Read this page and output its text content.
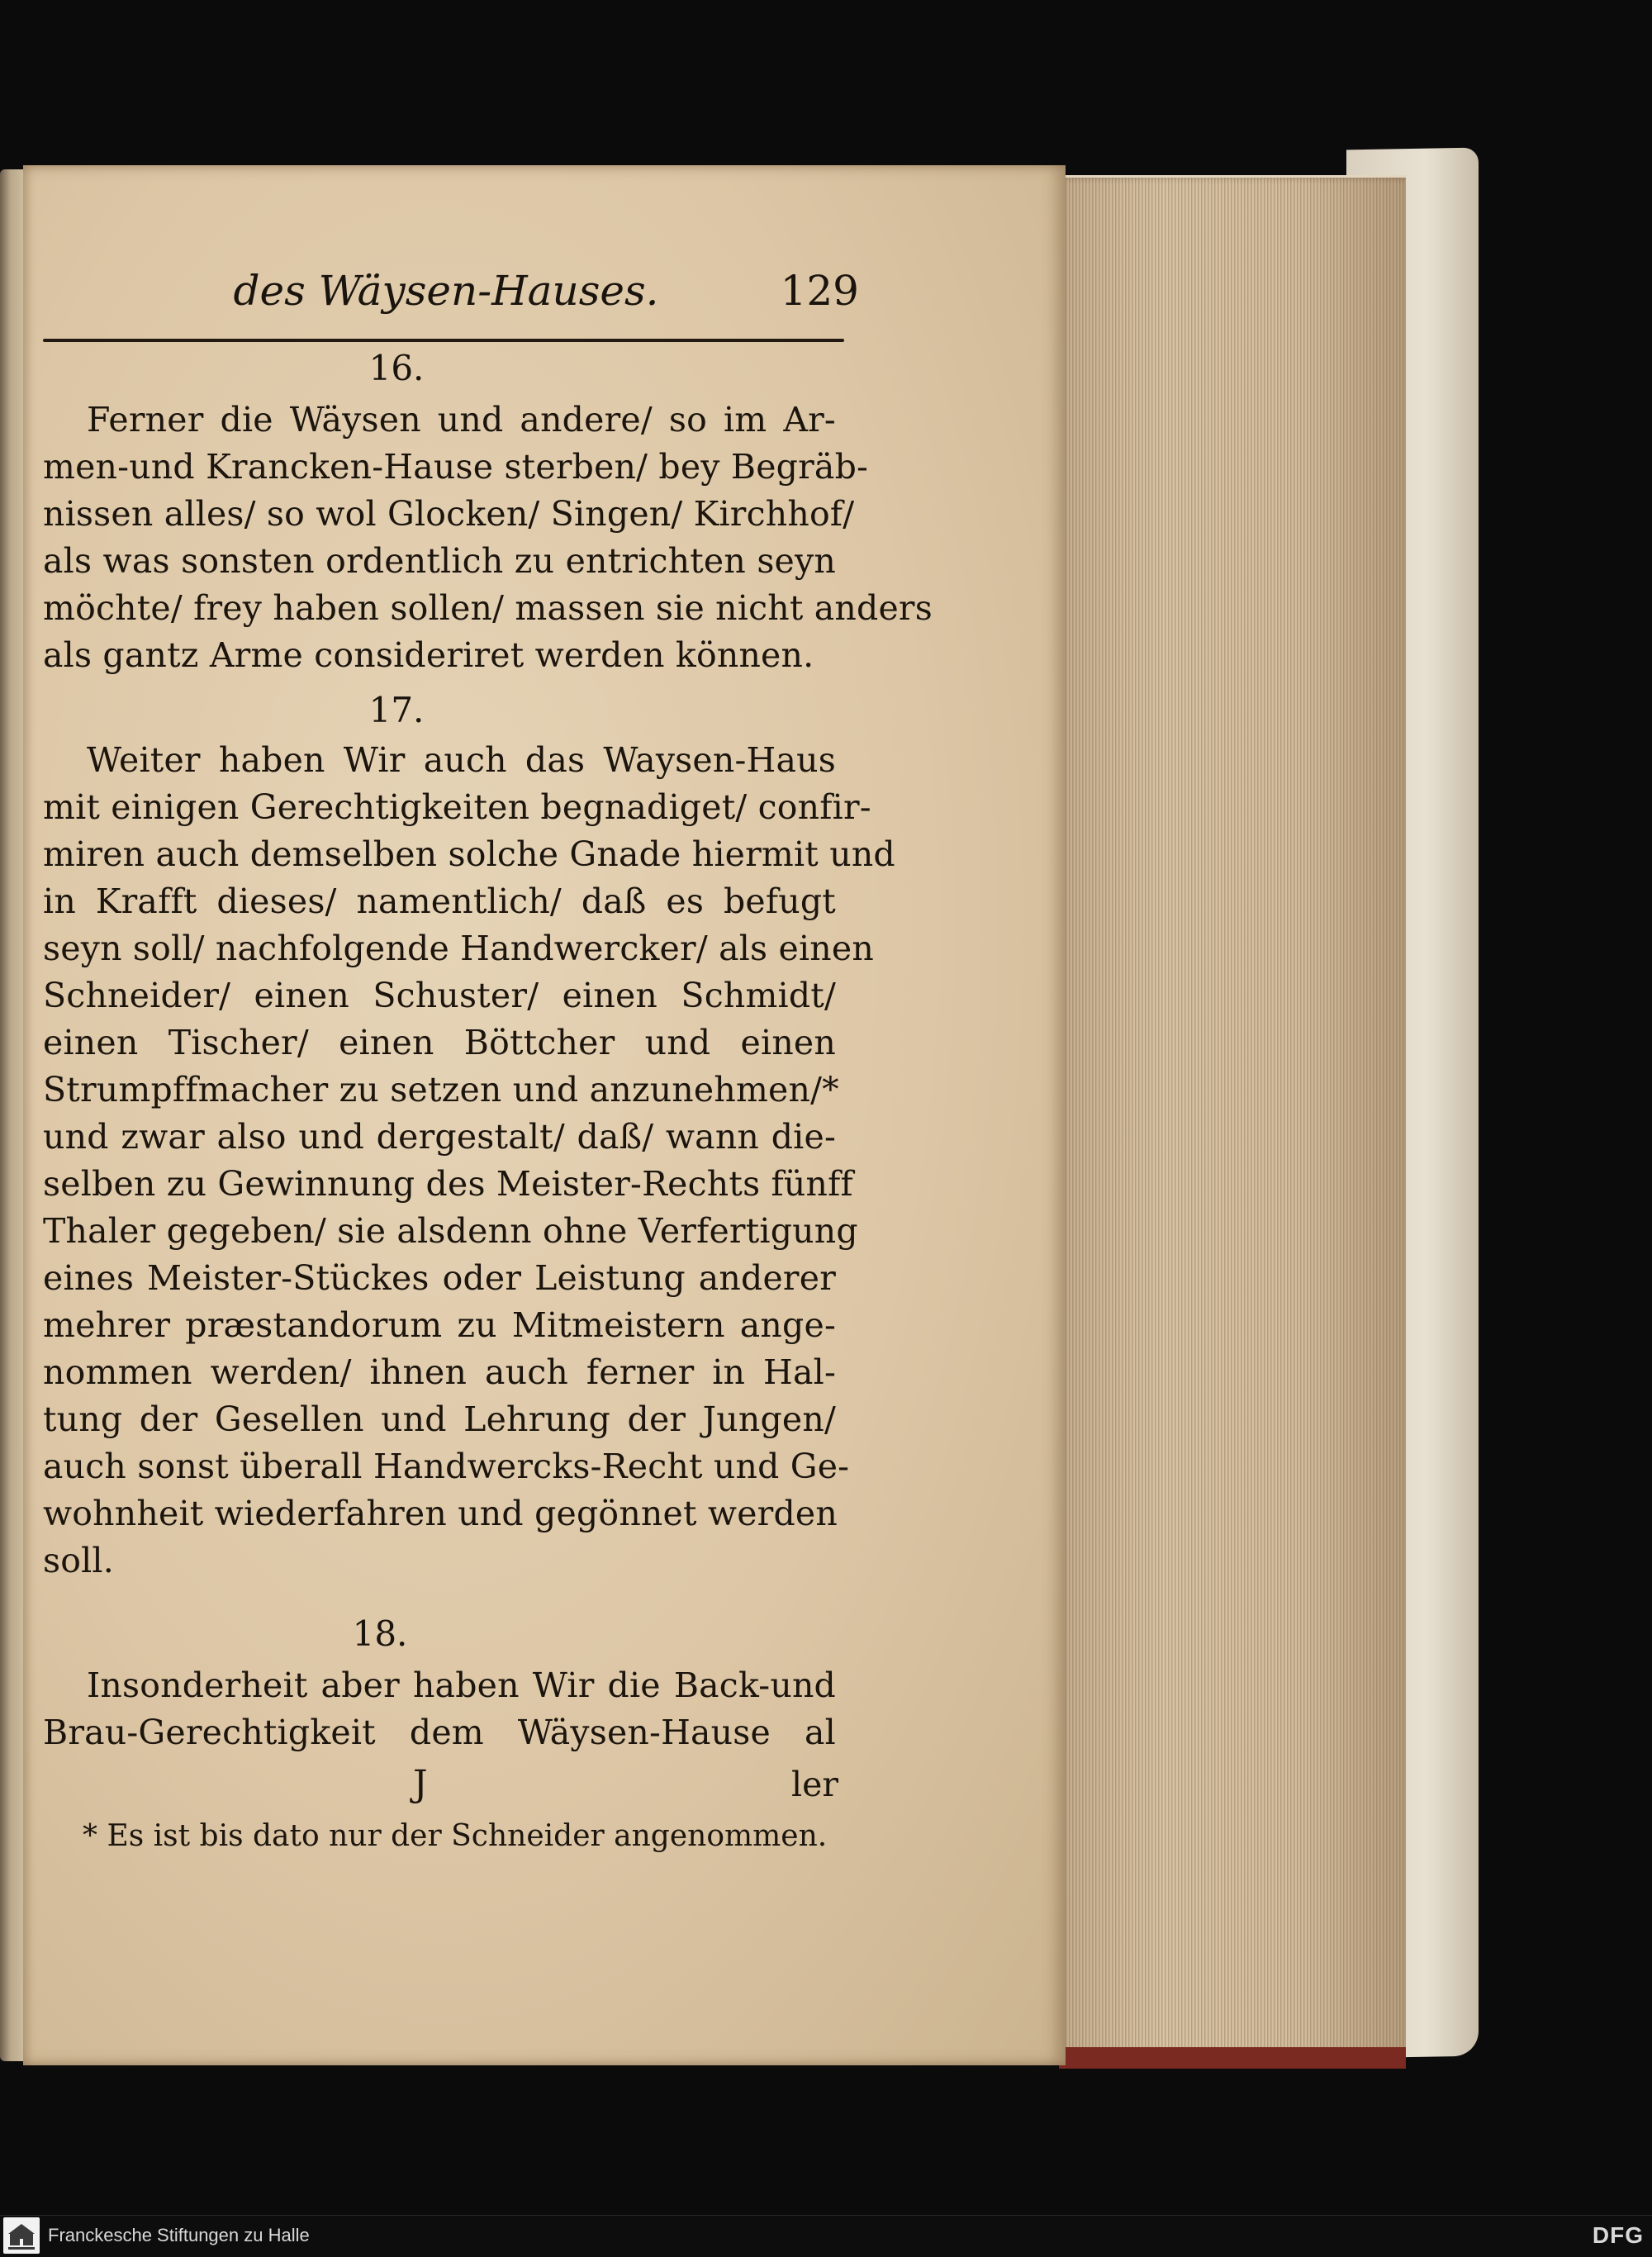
des Wäysen-Hauses.	129
16.
Ferner die Wäysen und andere/ so im Ar-
men-und Krancken-Hause sterben/ bey Begräb-
nissen alles/ so wol Glocken/ Singen/ Kirchhof/
als was sonsten ordentlich zu entrichten seyn
möchte/ frey haben sollen/ massen sie nicht anders
als gantz Arme consideriret werden können.
17.
Weiter haben Wir auch das Waysen-Haus
mit einigen Gerechtigkeiten begnadiget/ confir-
miren auch demselben solche Gnade hiermit und
in Krafft dieses/ namentlich/ daß es befugt
seyn soll/ nachfolgende Handwercker/ als einen
Schneider/ einen Schuster/ einen Schmidt/
einen Tischer/ einen Böttcher und einen
Strumpffmacher zu setzen und anzunehmen/*
und zwar also und dergestalt/ daß/ wann die-
selben zu Gewinnung des Meister-Rechts fünff
Thaler gegeben/ sie alsdenn ohne Verfertigung
eines Meister-Stückes oder Leistung anderer
mehrer præstandorum zu Mitmeistern ange-
nommen werden/ ihnen auch ferner in Hal-
tung der Gesellen und Lehrung der Jungen/
auch sonst überall Handwercks-Recht und Ge-
wohnheit wiederfahren und gegönnet werden
soll.
18.
Insonderheit aber haben Wir die Back-und
Brau-Gerechtigkeit dem Wäysen-Hause al
J	ler
* Es ist bis dato nur der Schneider angenommen.
Franckesche Stiftungen zu Halle	DFG
